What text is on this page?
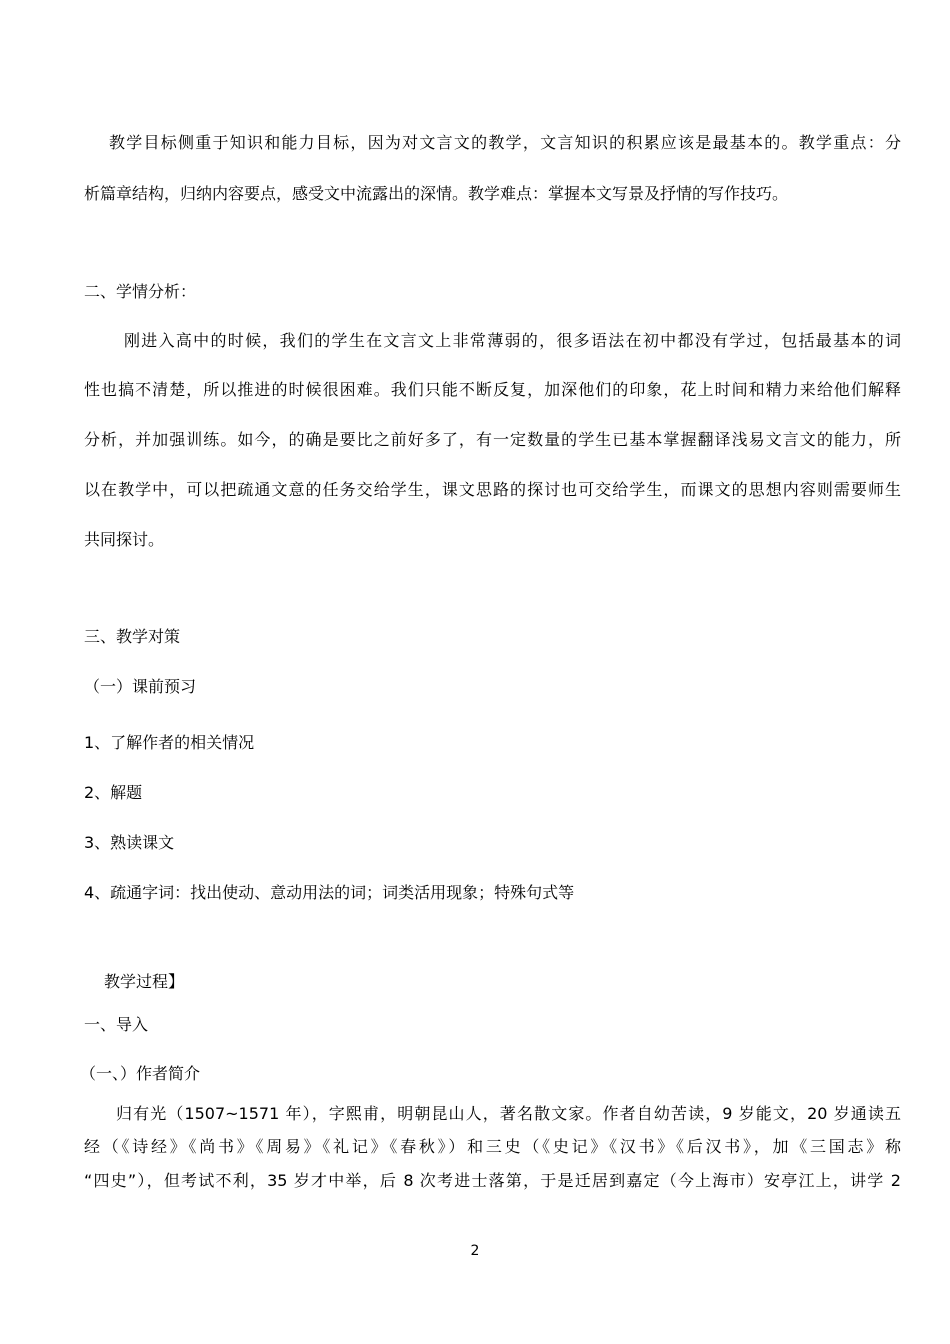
教学目标侧重于知识和能力目标，因为对文言文的教学，文言知识的积累应该是最基本的。教学重点：分
析篇章结构，归纳内容要点，感受文中流露出的深情。教学难点：掌握本文写景及抒情的写作技巧。
二、学情分析：
刚进入高中的时候，我们的学生在文言文上非常薄弱的，很多语法在初中都没有学过，包括最基本的词
性也搞不清楚，所以推进的时候很困难。我们只能不断反复，加深他们的印象，花上时间和精力来给他们解释
分析，并加强训练。如今，的确是要比之前好多了，有一定数量的学生已基本掌握翻译浅易文言文的能力，所
以在教学中，可以把疏通文意的任务交给学生，课文思路的探讨也可交给学生，而课文的思想内容则需要师生
共同探讨。
三、教学对策
（一）课前预习
1、了解作者的相关情况
2、解题
3、熟读课文
4、疏通字词：找出使动、意动用法的词；词类活用现象；特殊句式等
教学过程】
一、导入
（一、）作者简介
归有光（1507~1571 年），字熙甫，明朝昆山人，著名散文家。作者自幼苦读，9 岁能文，20 岁通读五
经（《诗经》《尚书》《周易》《礼记》《春秋》）和三史（《史记》《汉书》《后汉书》，加《三国志》称
“四史”），但考试不利，35 岁才中举，后 8 次考进士落第，于是迁居到嘉定（今上海市）安亭江上，讲学 2
2
